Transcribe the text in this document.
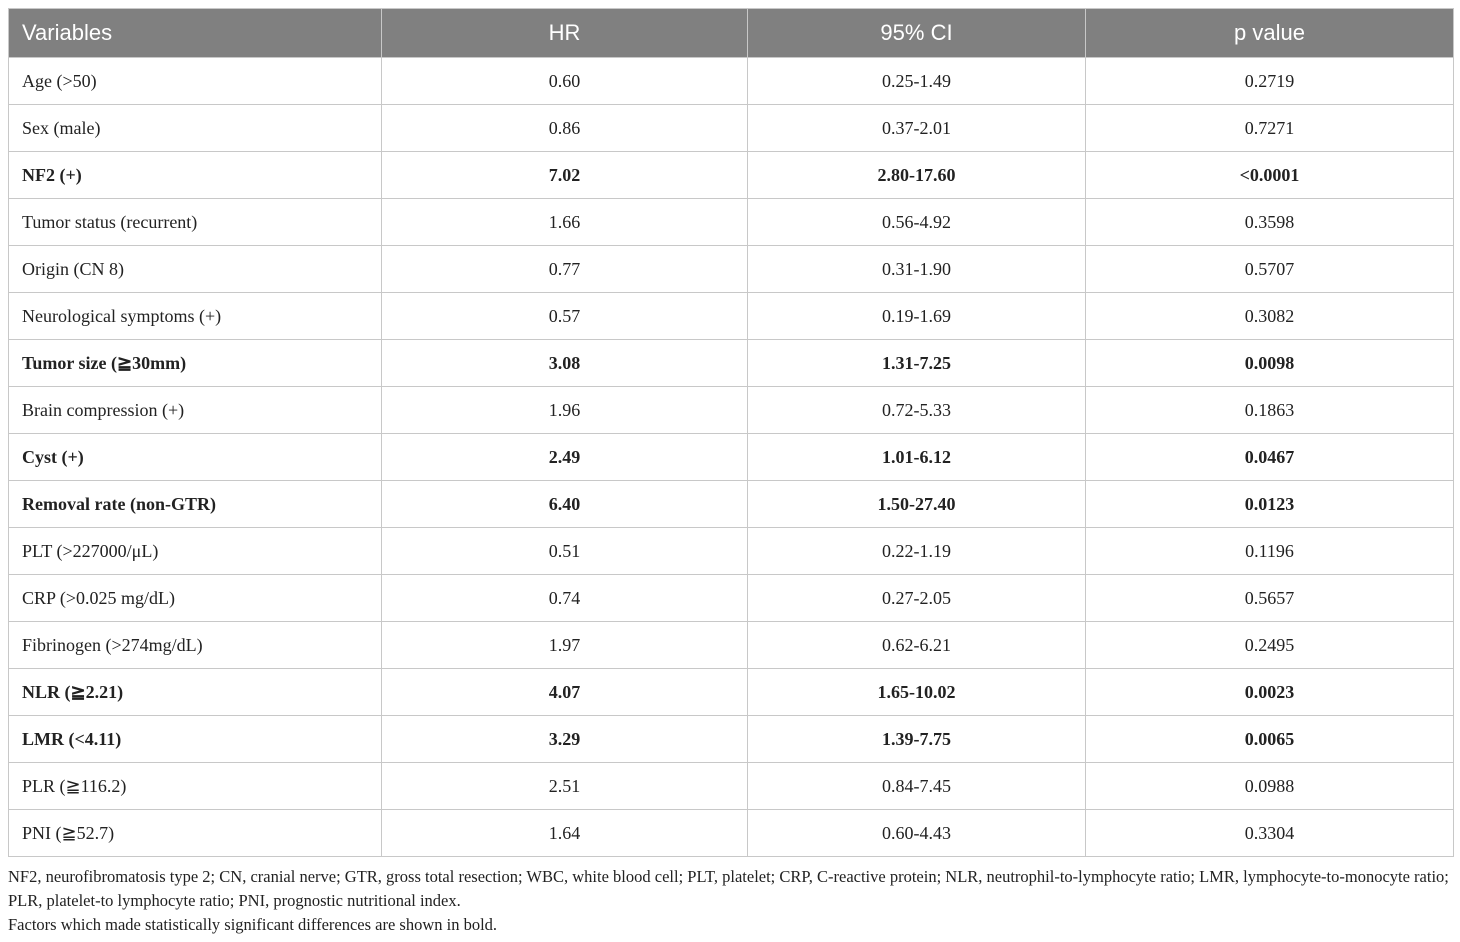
Variables	HR	95% CI	p value
Age (>50)	0.60	0.25-1.49	0.2719
Sex (male)	0.86	0.37-2.01	0.7271
NF2 (+)	7.02	2.80-17.60	<0.0001
Tumor status (recurrent)	1.66	0.56-4.92	0.3598
Origin (CN 8)	0.77	0.31-1.90	0.5707
Neurological symptoms (+)	0.57	0.19-1.69	0.3082
Tumor size (≧30mm)	3.08	1.31-7.25	0.0098
Brain compression (+)	1.96	0.72-5.33	0.1863
Cyst (+)	2.49	1.01-6.12	0.0467
Removal rate (non-GTR)	6.40	1.50-27.40	0.0123
PLT (>227000/μL)	0.51	0.22-1.19	0.1196
CRP (>0.025 mg/dL)	0.74	0.27-2.05	0.5657
Fibrinogen (>274mg/dL)	1.97	0.62-6.21	0.2495
NLR (≧2.21)	4.07	1.65-10.02	0.0023
LMR (<4.11)	3.29	1.39-7.75	0.0065
PLR (≧116.2)	2.51	0.84-7.45	0.0988
PNI (≧52.7)	1.64	0.60-4.43	0.3304

NF2, neurofibromatosis type 2; CN, cranial nerve; GTR, gross total resection; WBC, white blood cell; PLT, platelet; CRP, C-reactive protein; NLR, neutrophil-to-lymphocyte ratio; LMR, lymphocyte-to-monocyte ratio; PLR, platelet-to lymphocyte ratio; PNI, prognostic nutritional index.

Factors which made statistically significant differences are shown in bold.
